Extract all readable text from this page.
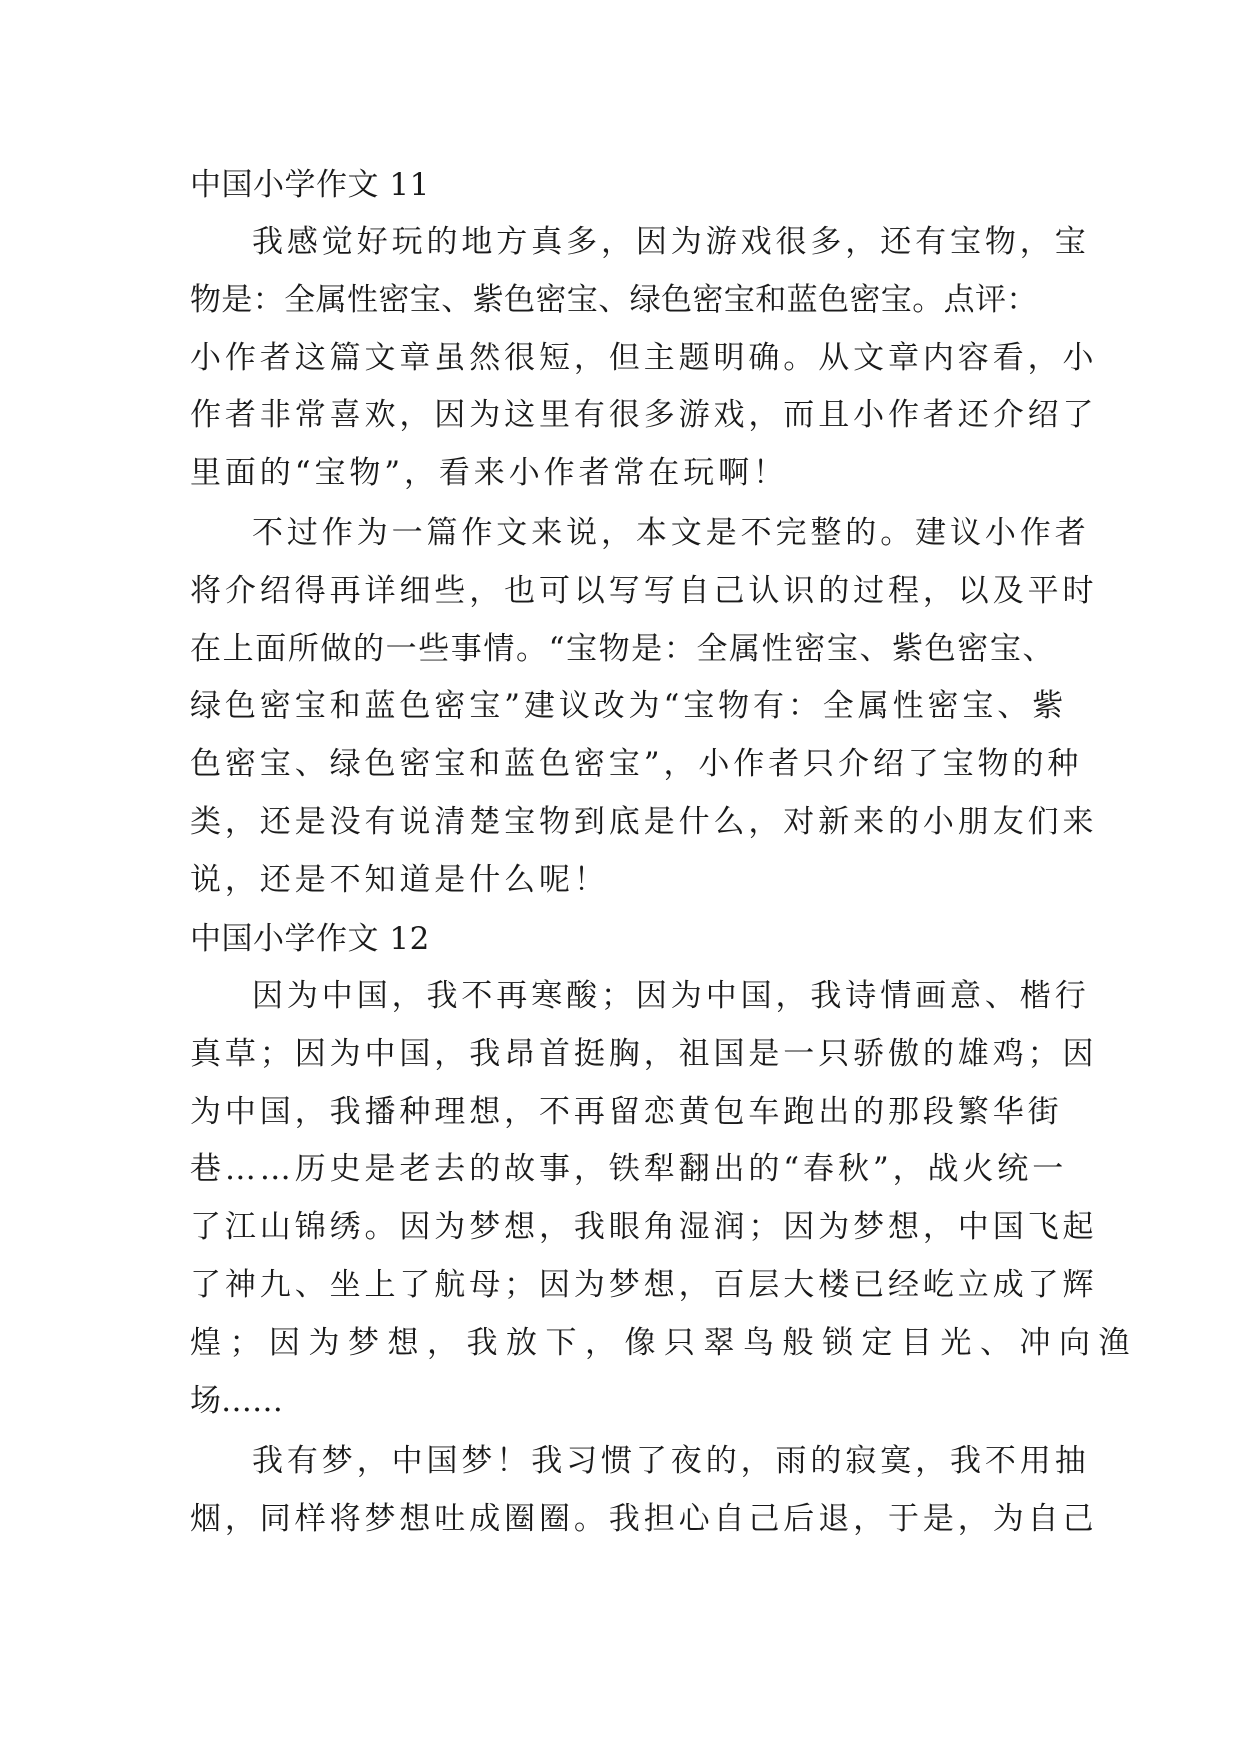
中国小学作文 11
我感觉好玩的地方真多，因为游戏很多，还有宝物，宝
物是：全属性密宝、紫色密宝、绿色密宝和蓝色密宝。点评：
小作者这篇文章虽然很短，但主题明确。从文章内容看，小
作者非常喜欢，因为这里有很多游戏，而且小作者还介绍了
里面的“宝物”，看来小作者常在玩啊！
不过作为一篇作文来说，本文是不完整的。建议小作者
将介绍得再详细些，也可以写写自己认识的过程，以及平时
在上面所做的一些事情。“宝物是：全属性密宝、紫色密宝、
绿色密宝和蓝色密宝”建议改为“宝物有：全属性密宝、紫
色密宝、绿色密宝和蓝色密宝”，小作者只介绍了宝物的种
类，还是没有说清楚宝物到底是什么，对新来的小朋友们来
说，还是不知道是什么呢！
中国小学作文 12
因为中国，我不再寒酸；因为中国，我诗情画意、楷行
真草；因为中国，我昂首挺胸，祖国是一只骄傲的雄鸡；因
为中国，我播种理想，不再留恋黄包车跑出的那段繁华街
巷……历史是老去的故事，铁犁翻出的“春秋”，战火统一
了江山锦绣。因为梦想，我眼角湿润；因为梦想，中国飞起
了神九、坐上了航母；因为梦想，百层大楼已经屹立成了辉
煌；因为梦想，我放下，像只翠鸟般锁定目光、冲向渔
场……
我有梦，中国梦！我习惯了夜的，雨的寂寞，我不用抽
烟，同样将梦想吐成圈圈。我担心自己后退，于是，为自己
